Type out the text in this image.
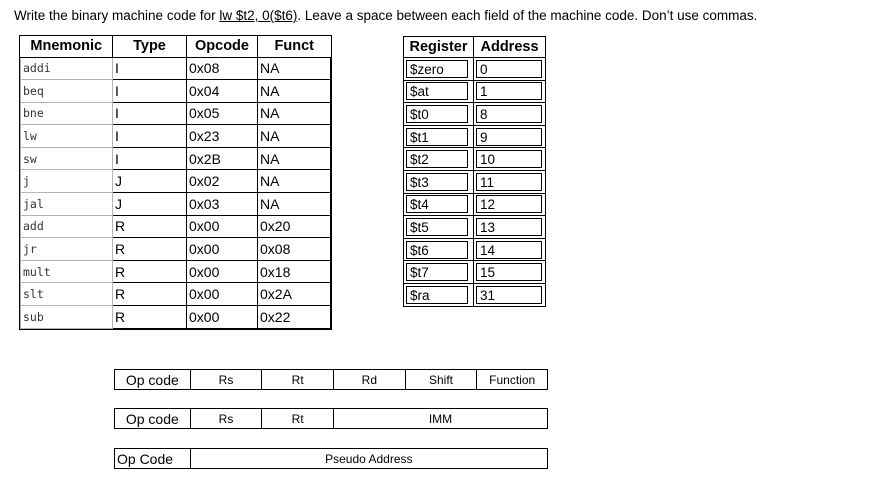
Write the binary machine code for lw $t2, 0($t6). Leave a space between each field of the machine code. Don’t use commas.
Mnemonic	Type	Opcode	Funct
addi	I	0x08	NA
beq	I	0x04	NA
bne	I	0x05	NA
lw	I	0x23	NA
sw	I	0x2B	NA
j	J	0x02	NA
jal	J	0x03	NA
add	R	0x00	0x20
jr	R	0x00	0x08
mult	R	0x00	0x18
slt	R	0x00	0x2A
sub	R	0x00	0x22
Register	Address
$zero	0
$at	1
$t0	8
$t1	9
$t2	10
$t3	11
$t4	12
$t5	13
$t6	14
$t7	15
$ra	31
Op code	Rs	Rt	Rd	Shift	Function
Op code	Rs	Rt	IMM
Op Code	Pseudo Address
